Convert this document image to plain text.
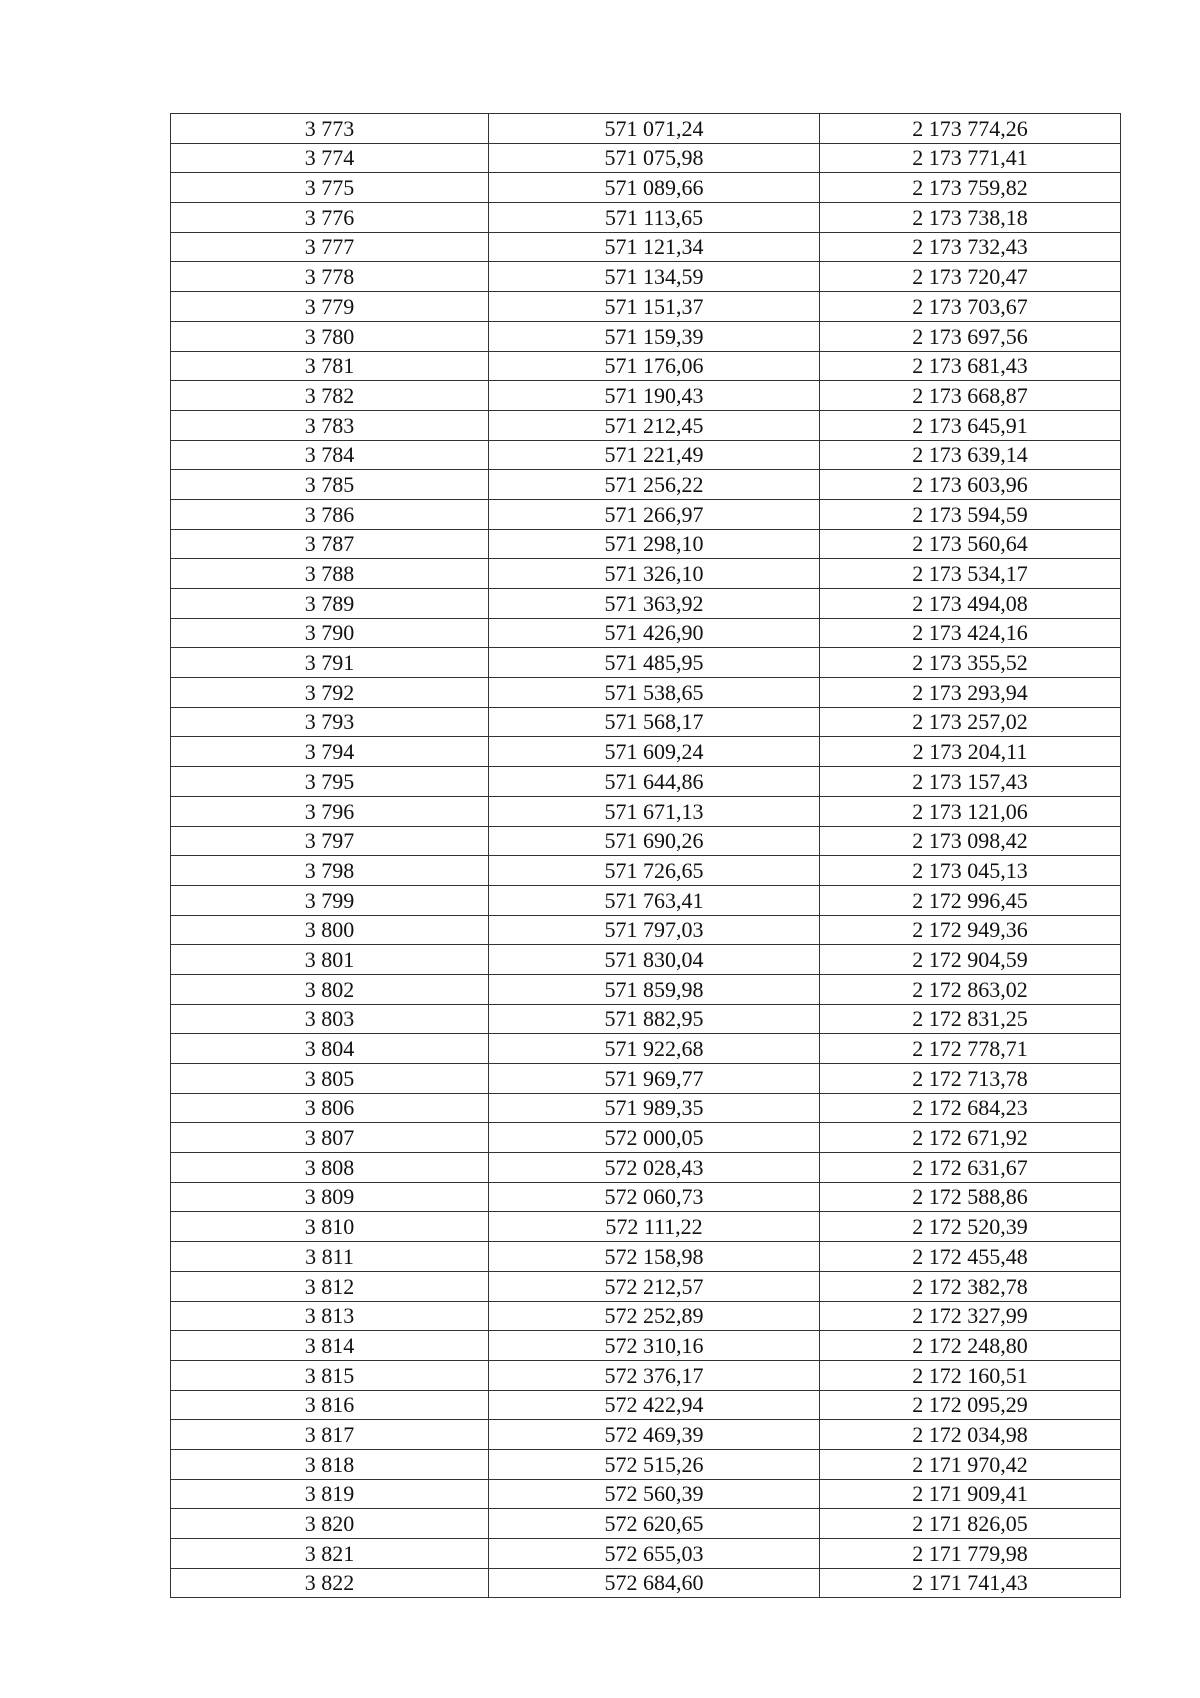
3 773	571 071,24	2 173 774,26
3 774	571 075,98	2 173 771,41
3 775	571 089,66	2 173 759,82
3 776	571 113,65	2 173 738,18
3 777	571 121,34	2 173 732,43
3 778	571 134,59	2 173 720,47
3 779	571 151,37	2 173 703,67
3 780	571 159,39	2 173 697,56
3 781	571 176,06	2 173 681,43
3 782	571 190,43	2 173 668,87
3 783	571 212,45	2 173 645,91
3 784	571 221,49	2 173 639,14
3 785	571 256,22	2 173 603,96
3 786	571 266,97	2 173 594,59
3 787	571 298,10	2 173 560,64
3 788	571 326,10	2 173 534,17
3 789	571 363,92	2 173 494,08
3 790	571 426,90	2 173 424,16
3 791	571 485,95	2 173 355,52
3 792	571 538,65	2 173 293,94
3 793	571 568,17	2 173 257,02
3 794	571 609,24	2 173 204,11
3 795	571 644,86	2 173 157,43
3 796	571 671,13	2 173 121,06
3 797	571 690,26	2 173 098,42
3 798	571 726,65	2 173 045,13
3 799	571 763,41	2 172 996,45
3 800	571 797,03	2 172 949,36
3 801	571 830,04	2 172 904,59
3 802	571 859,98	2 172 863,02
3 803	571 882,95	2 172 831,25
3 804	571 922,68	2 172 778,71
3 805	571 969,77	2 172 713,78
3 806	571 989,35	2 172 684,23
3 807	572 000,05	2 172 671,92
3 808	572 028,43	2 172 631,67
3 809	572 060,73	2 172 588,86
3 810	572 111,22	2 172 520,39
3 811	572 158,98	2 172 455,48
3 812	572 212,57	2 172 382,78
3 813	572 252,89	2 172 327,99
3 814	572 310,16	2 172 248,80
3 815	572 376,17	2 172 160,51
3 816	572 422,94	2 172 095,29
3 817	572 469,39	2 172 034,98
3 818	572 515,26	2 171 970,42
3 819	572 560,39	2 171 909,41
3 820	572 620,65	2 171 826,05
3 821	572 655,03	2 171 779,98
3 822	572 684,60	2 171 741,43
